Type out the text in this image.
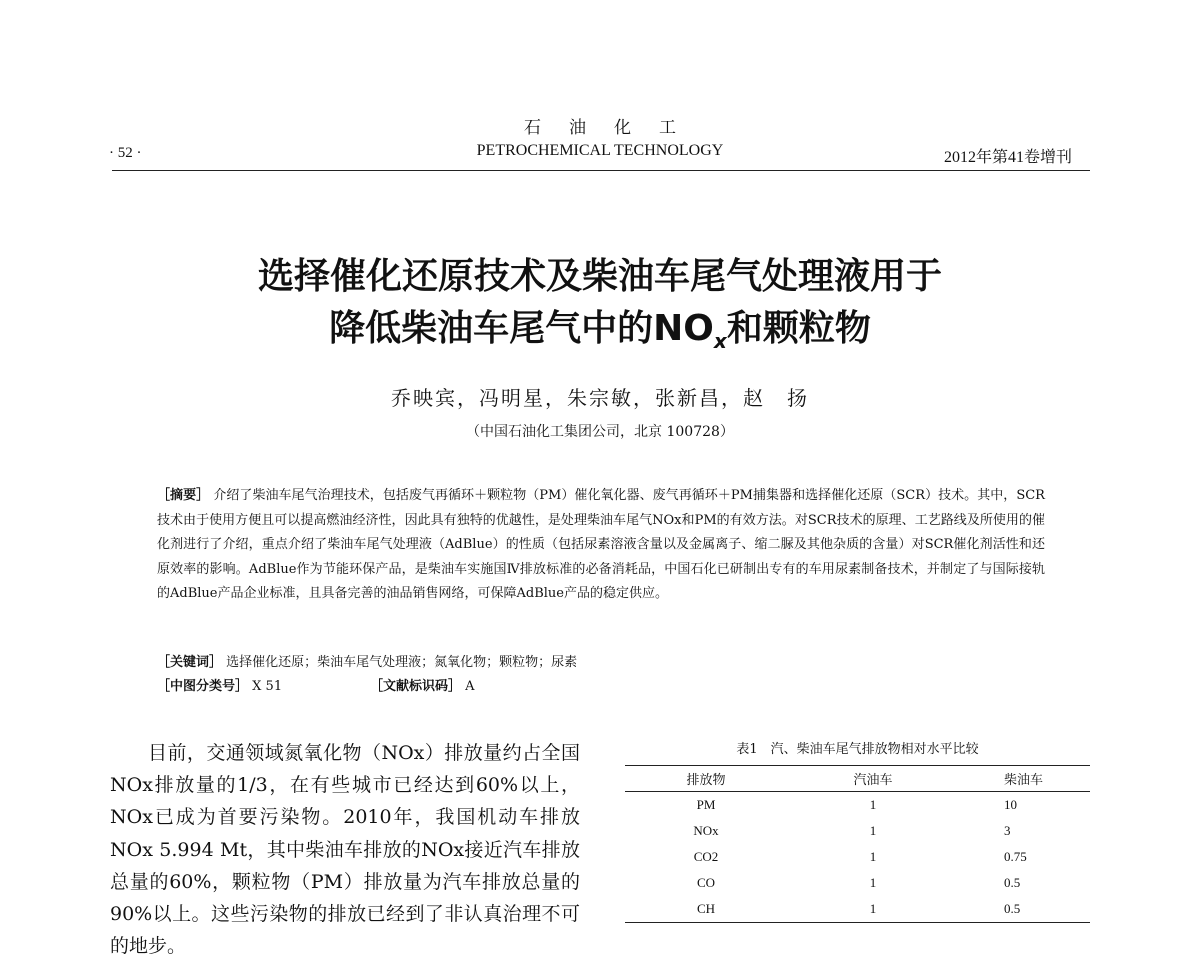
石油化工
· 52 ·	PETROCHEMICAL TECHNOLOGY	2012年第41卷增刊
选择催化还原技术及柴油车尾气处理液用于
降低柴油车尾气中的$NO_x$和颗粒物
乔映宾，冯明星，朱宗敏，张新昌，赵　扬
（中国石油化工集团公司，北京 100728）
［摘要］ 介绍了柴油车尾气治理技术，包括废气再循环＋颗粒物（PM）催化氧化器、废气再循环＋PM捕集器和选择催化还原（SCR）技术。其中，SCR技术由于使用方便且可以提高燃油经济性，因此具有独特的优越性，是处理柴油车尾气NOx和PM的有效方法。对SCR技术的原理、工艺路线及所使用的催化剂进行了介绍，重点介绍了柴油车尾气处理液（AdBlue）的性质（包括尿素溶液含量以及金属离子、缩二脲及其他杂质的含量）对SCR催化剂活性和还原效率的影响。AdBlue作为节能环保产品，是柴油车实施国Ⅳ排放标准的必备消耗品，中国石化已研制出专有的车用尿素制备技术，并制定了与国际接轨的AdBlue产品企业标准，且具备完善的油品销售网络，可保障AdBlue产品的稳定供应。
［关键词］ 选择催化还原；柴油车尾气处理液；氮氧化物；颗粒物；尿素
［中图分类号］ X 51	［文献标识码］ A

目前，交通领域氮氧化物（NOx）排放量约占全国NOx排放量的1/3，在有些城市已经达到60%以上，NOx已成为首要污染物。2010年，我国机动车排放NOx 5.994 Mt，其中柴油车排放的NOx接近汽车排放总量的60%，颗粒物（PM）排放量为汽车排放总量的90%以上。这些污染物的排放已经到了非认真治理不可的地步。

表1　汽、柴油车尾气排放物相对水平比较
排放物	汽油车	柴油车
PM	1	10
NOx	1	3
CO2	1	0.75
CO	1	0.5
CH	1	0.5
